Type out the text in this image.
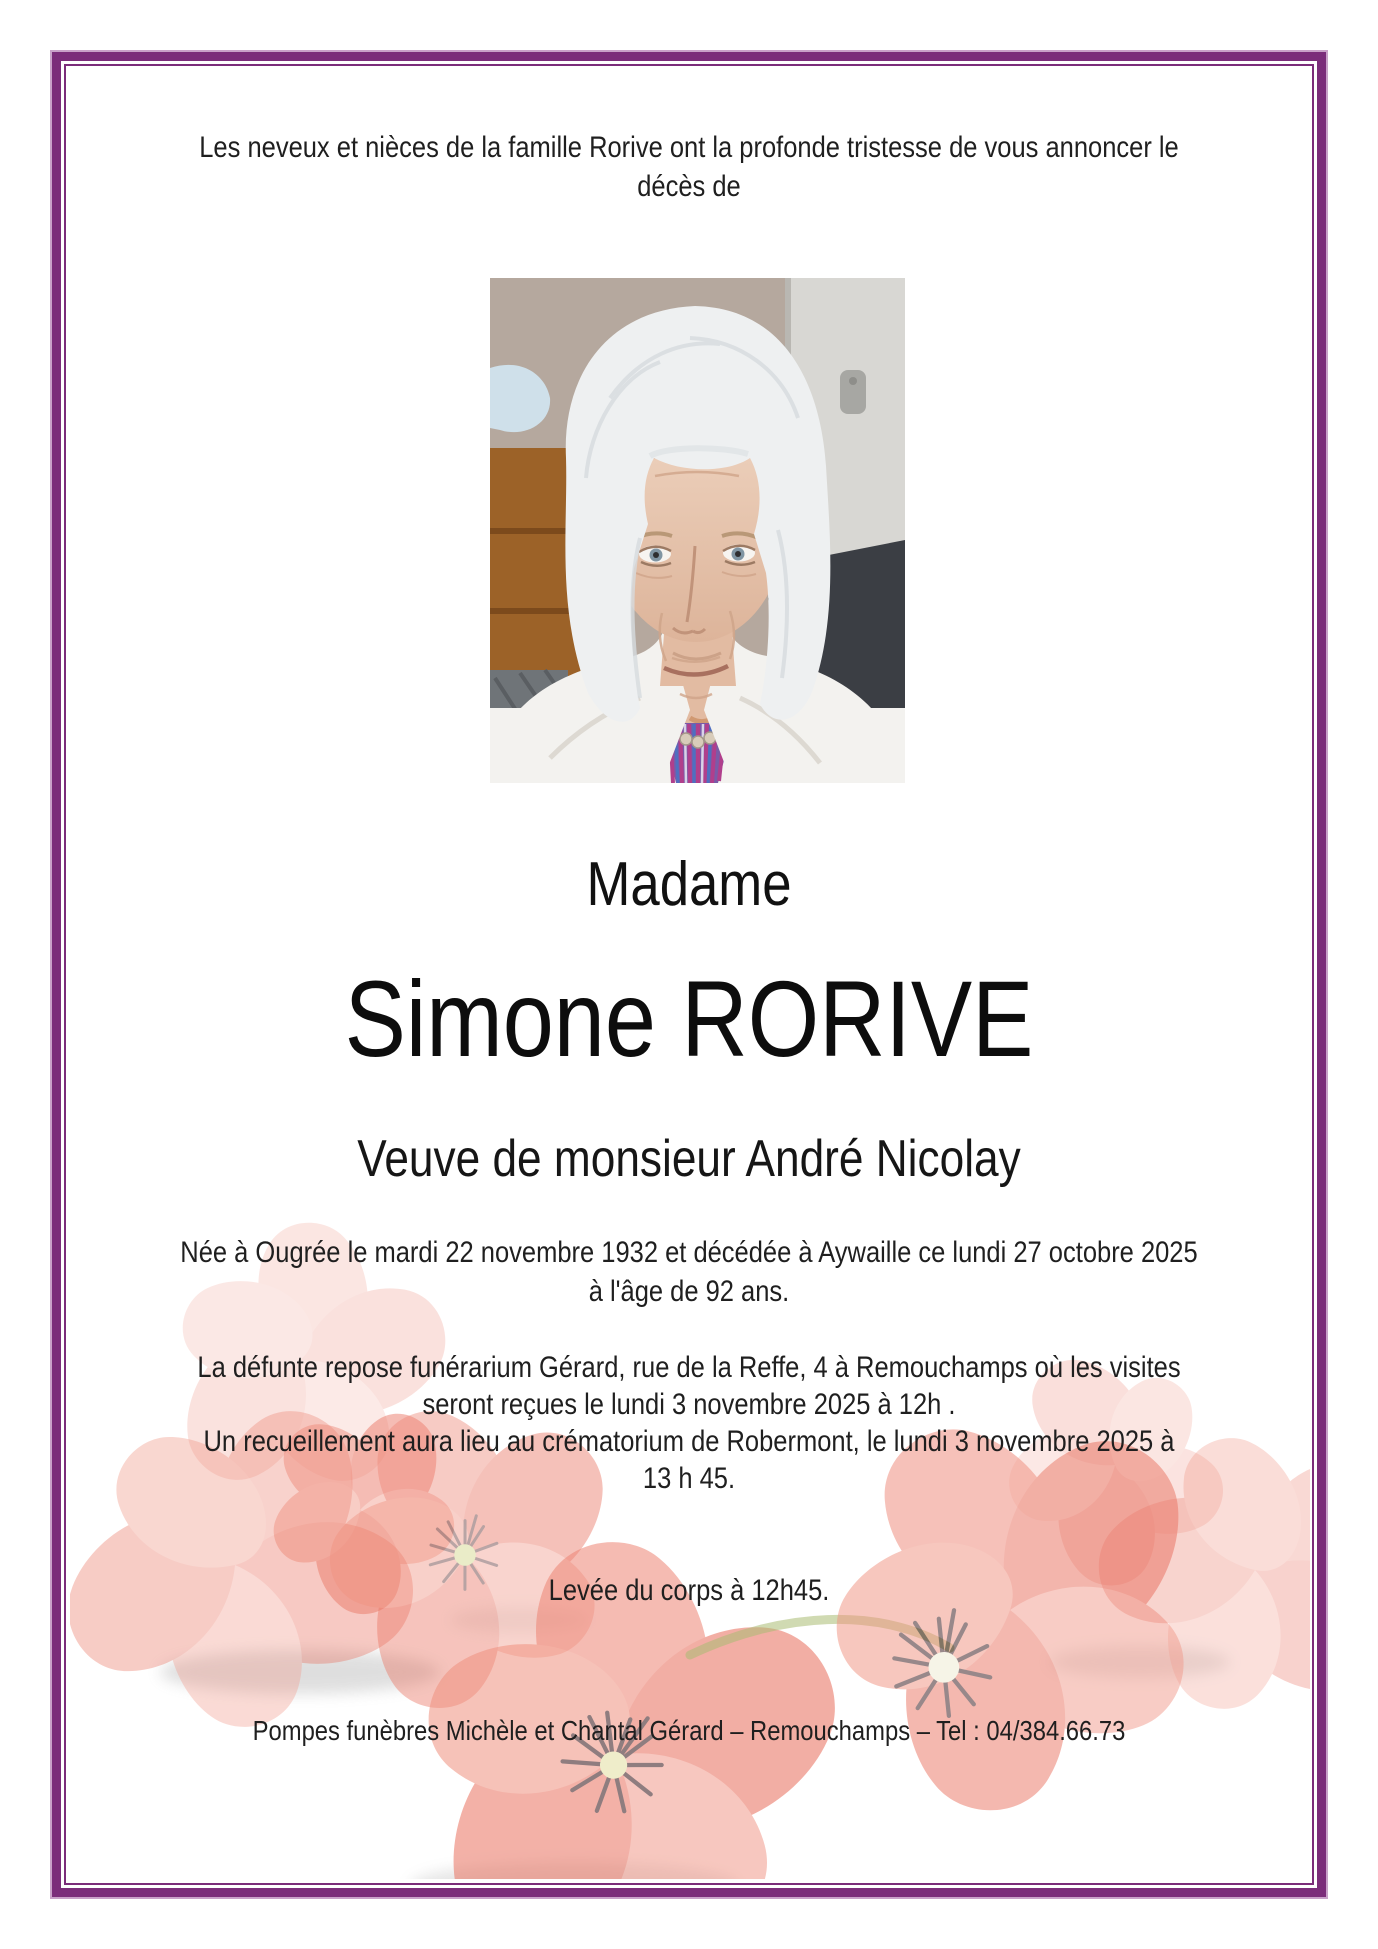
Les neveux et nièces de la famille Rorive ont la profonde tristesse de vous annoncer le
décès de
Madame
Simone RORIVE
Veuve de monsieur André Nicolay
Née à Ougrée le mardi 22 novembre 1932 et décédée à Aywaille ce lundi 27 octobre 2025
à l'âge de 92 ans.
La défunte repose funérarium Gérard, rue de la Reffe, 4 à Remouchamps où les visites
seront reçues le lundi 3 novembre 2025 à 12h .
Un recueillement aura lieu au crématorium de Robermont, le lundi 3 novembre 2025 à
13 h 45.
Levée du corps à 12h45.
Pompes funèbres Michèle et Chantal Gérard – Remouchamps – Tel : 04/384.66.73
